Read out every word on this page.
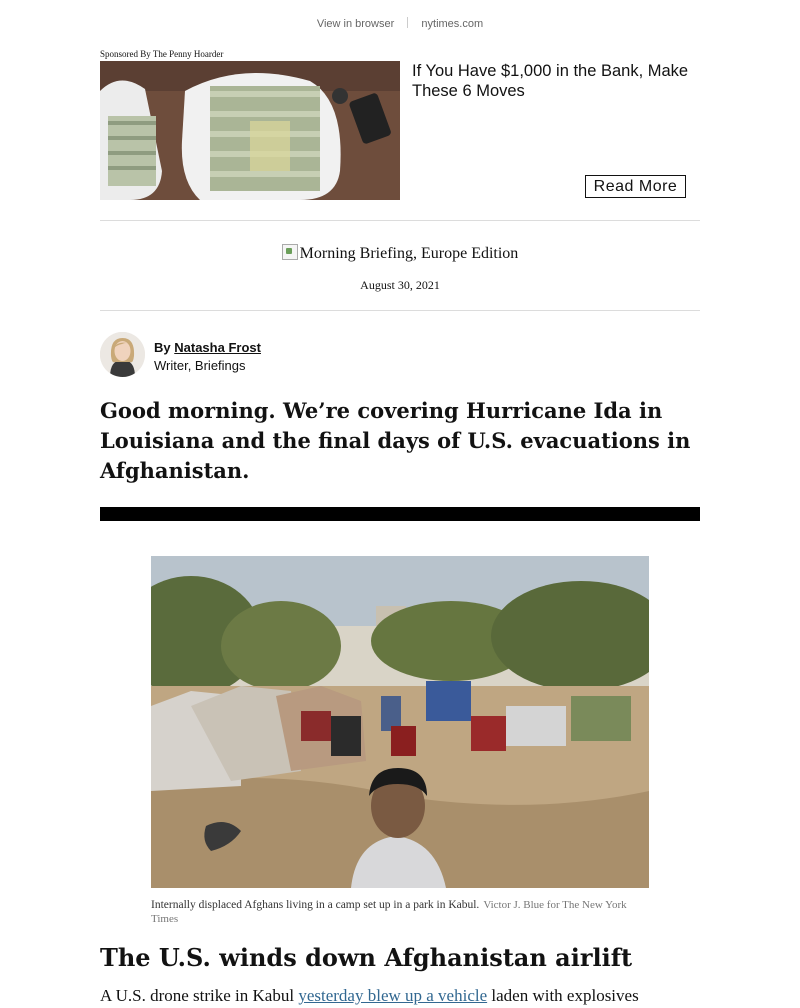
View in browser nytimes.com
Sponsored By The Penny Hoarder
If You Have $1,000 in the Bank, Make These 6 Moves
Read More
Morning Briefing, Europe Edition
August 30, 2021
By Natasha Frost
Writer, Briefings
Good morning. We’re covering Hurricane Ida in Louisiana and the final days of U.S. evacuations in Afghanistan.
Internally displaced Afghans living in a camp set up in a park in Kabul. Victor J. Blue for The New York Times
The U.S. winds down Afghanistan airlift
A U.S. drone strike in Kabul yesterday blew up a vehicle laden with explosives
